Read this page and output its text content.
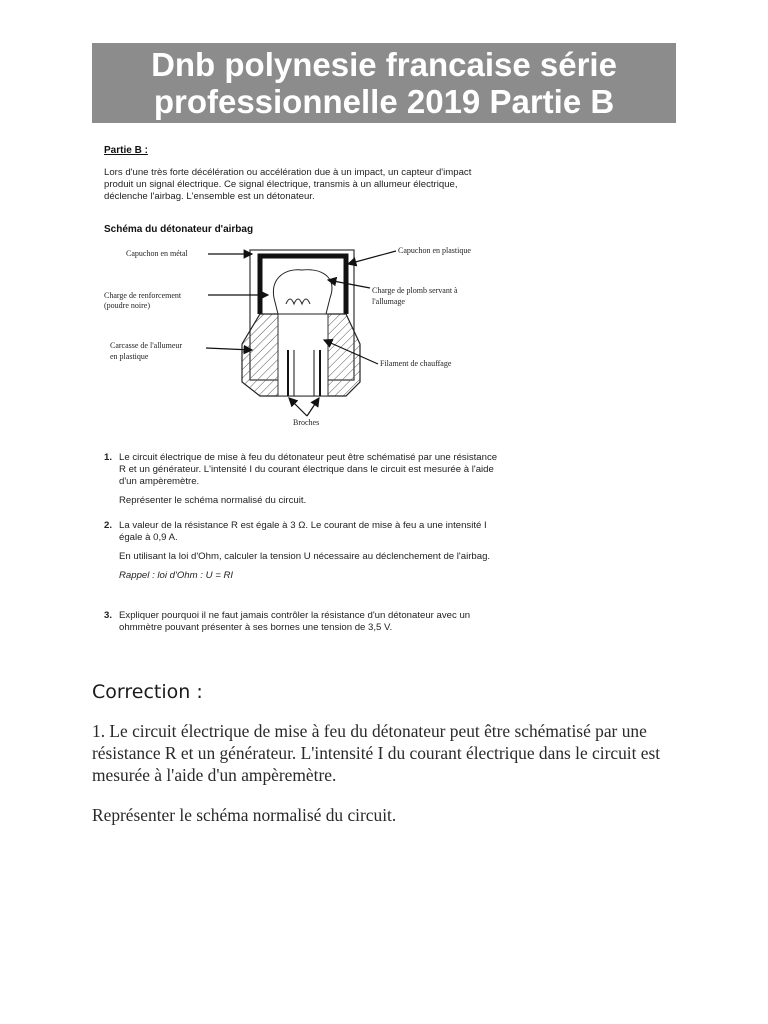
Dnb polynesie francaise série
professionnelle 2019 Partie B
Partie B :
Lors d'une très forte décélération ou accélération due à un impact, un capteur d'impact produit un signal électrique. Ce signal électrique, transmis à un allumeur électrique, déclenche l'airbag. L'ensemble est un détonateur.
Schéma du détonateur d'airbag
Capuchon en métal	Capuchon en plastique
Charge de renforcement
(poudre noire)
Charge de plomb servant à
l'allumage
Carcasse de l'allumeur
en plastique
Filament de chauffage
Broches
1. Le circuit électrique de mise à feu du détonateur peut être schématisé par une résistance R et un générateur. L'intensité I du courant électrique dans le circuit est mesurée à l'aide d'un ampèremètre.

Représenter le schéma normalisé du circuit.

2. La valeur de la résistance R est égale à 3 Ω. Le courant de mise à feu a une intensité I égale à 0,9 A.

En utilisant la loi d'Ohm, calculer la tension U nécessaire au déclenchement de l'airbag.

Rappel : loi d'Ohm : U = RI

3. Expliquer pourquoi il ne faut jamais contrôler la résistance d'un détonateur avec un ohmmètre pouvant présenter à ses bornes une tension de 3,5 V.

Correction :
1. Le circuit électrique de mise à feu du détonateur peut être schématisé par une résistance R et un générateur. L'intensité I du courant électrique dans le circuit est mesurée à l'aide d'un ampèremètre.
Représenter le schéma normalisé du circuit.
